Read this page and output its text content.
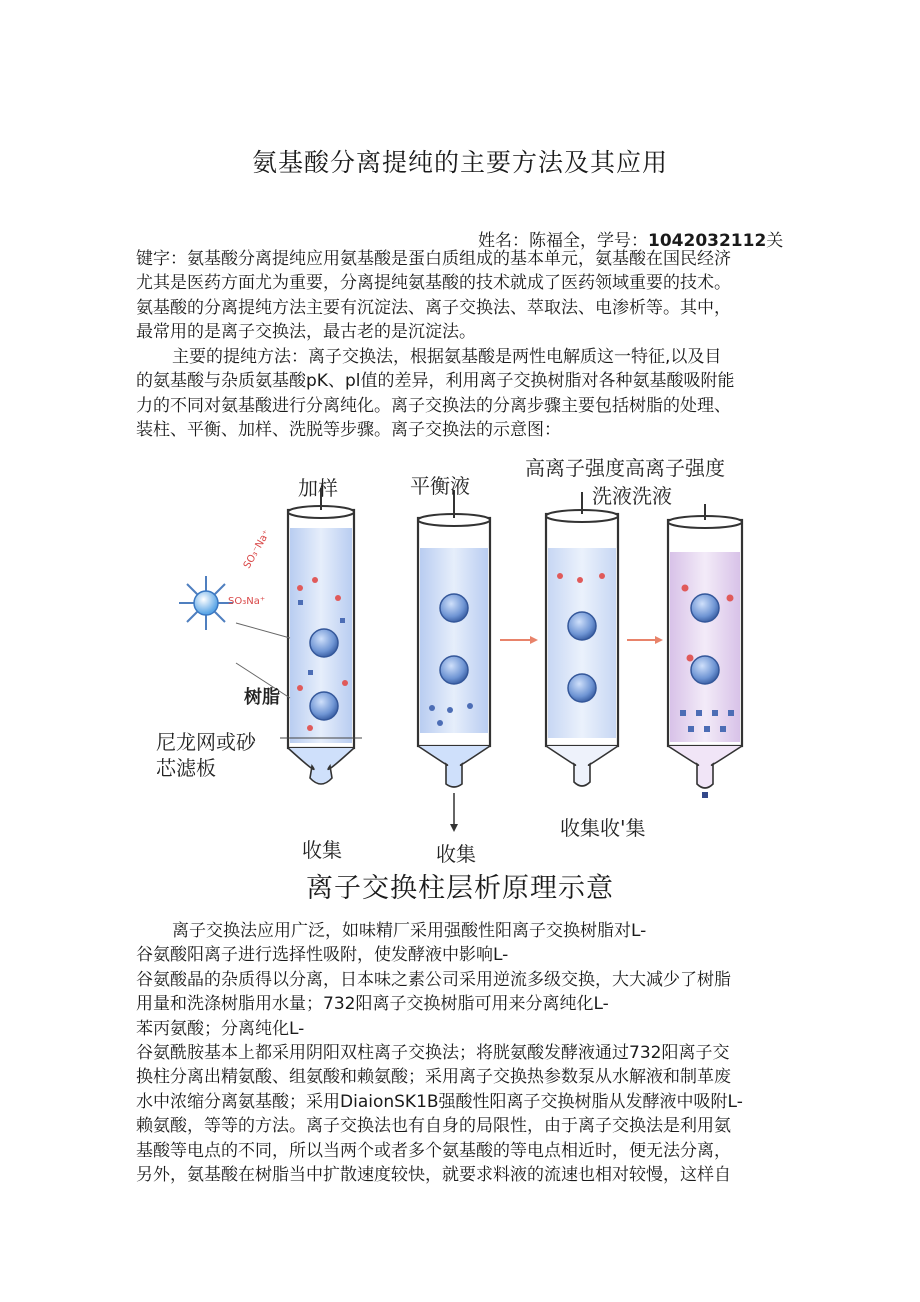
氨基酸分离提纯的主要方法及其应用
姓名：陈福全，学号：1042032112关
键字：氨基酸分离提纯应用氨基酸是蛋白质组成的基本单元，氨基酸在国民经济
尤其是医药方面尤为重要，分离提纯氨基酸的技术就成了医药领域重要的技术。
氨基酸的分离提纯方法主要有沉淀法、离子交换法、萃取法、电渗析等。其中，
最常用的是离子交换法，最古老的是沉淀法。
主要的提纯方法：离子交换法，根据氨基酸是两性电解质这一特征,以及目
的氨基酸与杂质氨基酸pK、pl值的差异，利用离子交换树脂对各种氨基酸吸附能
力的不同对氨基酸进行分离纯化。离子交换法的分离步骤主要包括树脂的处理、
装柱、平衡、加样、洗脱等步骤。离子交换法的示意图：
加样	平衡液
高离子强度高离子强度
洗液洗液
树脂
尼龙网或砂
芯滤板
收集	收集
收集收'集
SO₃⁻Na⁺
SO₃Na⁺
离子交换柱层析原理示意
离子交换法应用广泛，如味精厂采用强酸性阳离子交换树脂对L-
谷氨酸阳离子进行选择性吸附，使发酵液中影响L-
谷氨酸晶的杂质得以分离，日本味之素公司采用逆流多级交换，大大减少了树脂
用量和洗涤树脂用水量；732阳离子交换树脂可用来分离纯化L-
苯丙氨酸；分离纯化L-
谷氨酰胺基本上都采用阴阳双柱离子交换法；将胱氨酸发酵液通过732阳离子交
换柱分离出精氨酸、组氨酸和赖氨酸；采用离子交换热参数泵从水解液和制革废
水中浓缩分离氨基酸；采用DiaionSK1B强酸性阳离子交换树脂从发酵液中吸附L-
赖氨酸，等等的方法。离子交换法也有自身的局限性，由于离子交换法是利用氨
基酸等电点的不同，所以当两个或者多个氨基酸的等电点相近时，便无法分离，
另外，氨基酸在树脂当中扩散速度较快，就要求料液的流速也相对较慢，这样自
